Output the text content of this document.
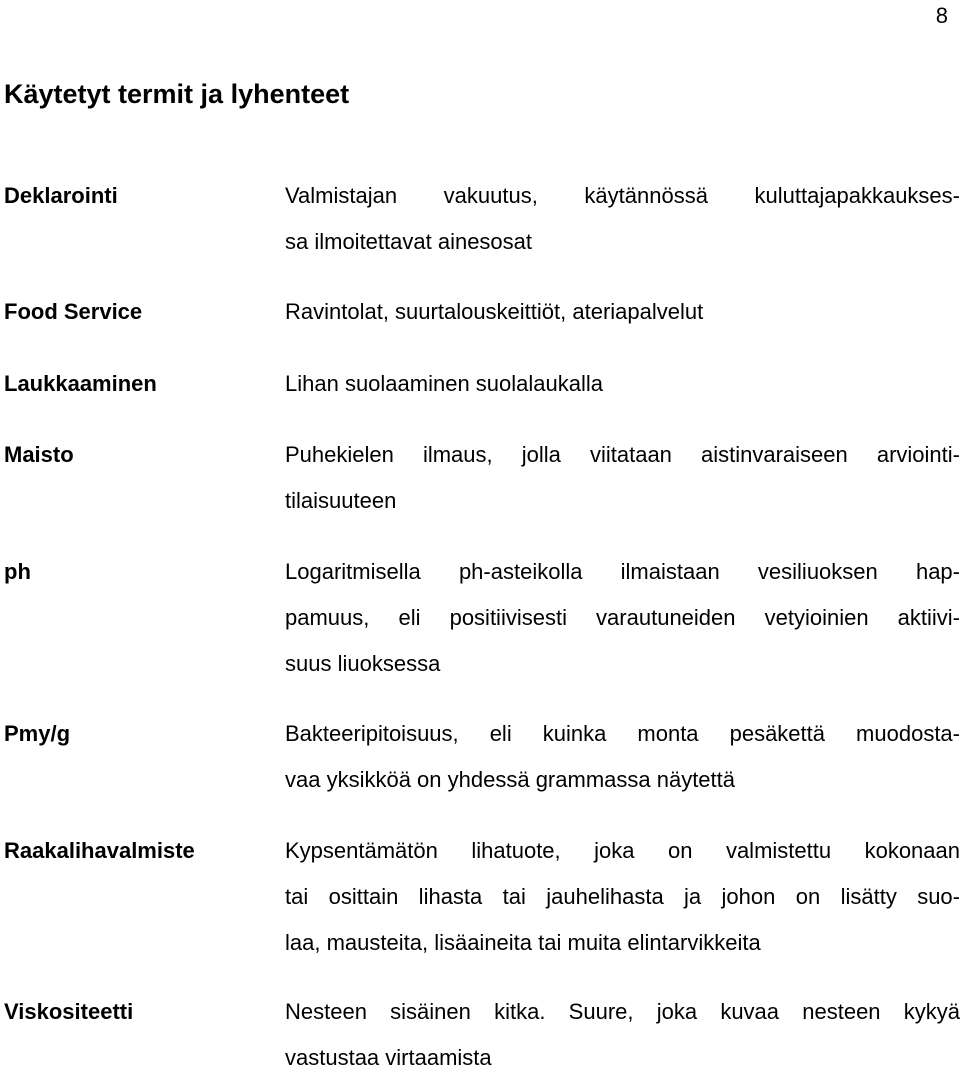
8
Käytetyt termit ja lyhenteet
Deklarointi	Valmistajan vakuutus, käytännössä kuluttajapakkaukses-
sa ilmoitettavat ainesosat
Food Service	Ravintolat, suurtalouskeittiöt, ateriapalvelut
Laukkaaminen	Lihan suolaaminen suolalaukalla
Maisto	Puhekielen ilmaus, jolla viitataan aistinvaraiseen arviointi-
tilaisuuteen
ph	Logaritmisella ph-asteikolla ilmaistaan vesiliuoksen hap-
pamuus, eli positiivisesti varautuneiden vetyioinien aktiivi-
suus liuoksessa
Pmy/g	Bakteeripitoisuus, eli kuinka monta pesäkettä muodosta-
vaa yksikköä on yhdessä grammassa näytettä
Raakalihavalmiste	Kypsentämätön lihatuote, joka on valmistettu kokonaan
tai osittain lihasta tai jauhelihasta ja johon on lisätty suo-
laa, mausteita, lisäaineita tai muita elintarvikkeita
Viskositeetti	Nesteen sisäinen kitka. Suure, joka kuvaa nesteen kykyä
vastustaa virtaamista
